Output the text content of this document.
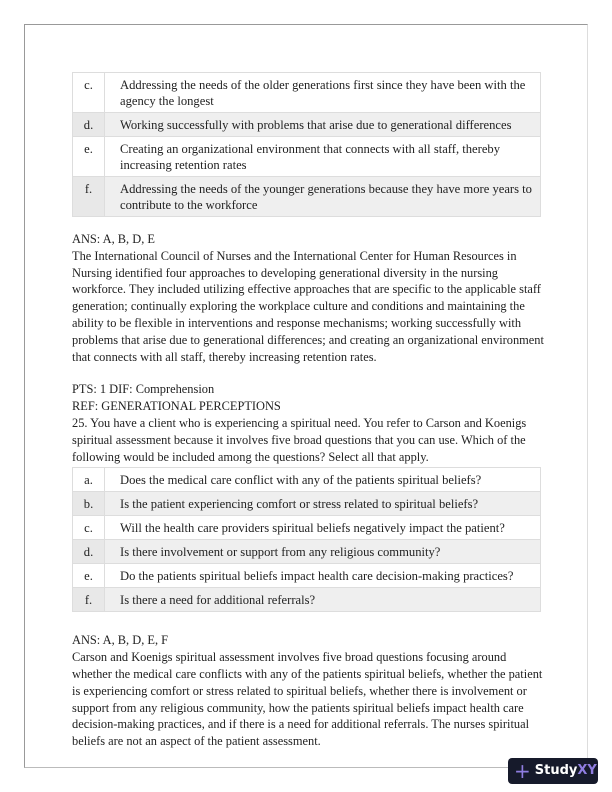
c.	Addressing the needs of the older generations first since they have been with the agency the longest
d.	Working successfully with problems that arise due to generational differences
e.	Creating an organizational environment that connects with all staff, thereby increasing retention rates
f.	Addressing the needs of the younger generations because they have more years to contribute to the workforce

ANS: A, B, D, E

The International Council of Nurses and the International Center for Human Resources in Nursing identified four approaches to developing generational diversity in the nursing workforce. They included utilizing effective approaches that are specific to the applicable staff generation; continually exploring the workplace culture and conditions and maintaining the ability to be flexible in interventions and response mechanisms; working successfully with problems that arise due to generational differences; and creating an organizational environment that connects with all staff, thereby increasing retention rates.

PTS: 1 DIF: Comprehension

REF: GENERATIONAL PERCEPTIONS

25. You have a client who is experiencing a spiritual need. You refer to Carson and Koenigs spiritual assessment because it involves five broad questions that you can use. Which of the following would be included among the questions? Select all that apply.

a.	Does the medical care conflict with any of the patients spiritual beliefs?
b.	Is the patient experiencing comfort or stress related to spiritual beliefs?
c.	Will the health care providers spiritual beliefs negatively impact the patient?
d.	Is there involvement or support from any religious community?
e.	Do the patients spiritual beliefs impact health care decision-making practices?
f.	Is there a need for additional referrals?

ANS: A, B, D, E, F

Carson and Koenigs spiritual assessment involves five broad questions focusing around whether the medical care conflicts with any of the patients spiritual beliefs, whether the patient is experiencing comfort or stress related to spiritual beliefs, whether there is involvement or support from any religious community, how the patients spiritual beliefs impact health care decision-making practices, and if there is a need for additional referrals. The nurses spiritual beliefs are not an aspect of the patient assessment.

+ Study XY
